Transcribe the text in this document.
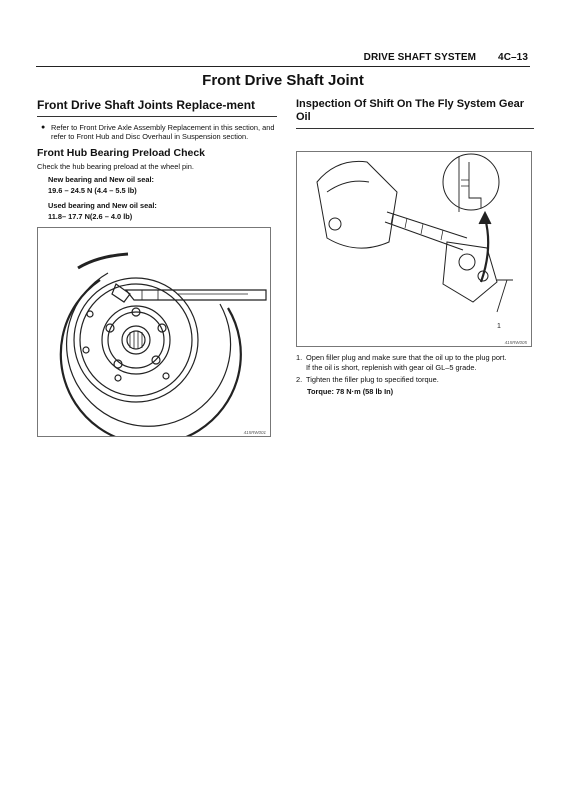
DRIVE SHAFT SYSTEM 4C–13
Front Drive Shaft Joint
Front Drive Shaft Joints Replace-ment
● Refer to Front Drive Axle Assembly Replacement in this section, and refer to Front Hub and Disc Overhaul in Suspension section.
Front Hub Bearing Preload Check
Check the hub bearing preload at the wheel pin.
New bearing and New oil seal:
19.6 – 24.5 N (4.4 – 5.5 lb)
Used bearing and New oil seal:
11.8– 17.7 N(2.6 – 4.0 lb)
415RW001
Inspection Of Shift On The Fly System Gear Oil
1
415RW005
1. Open filler plug and make sure that the oil up to the plug port.
If the oil is short, replenish with gear oil GL–5 grade.
2. Tighten the filler plug to specified torque.
Torque: 78 N·m (58 lb In)
